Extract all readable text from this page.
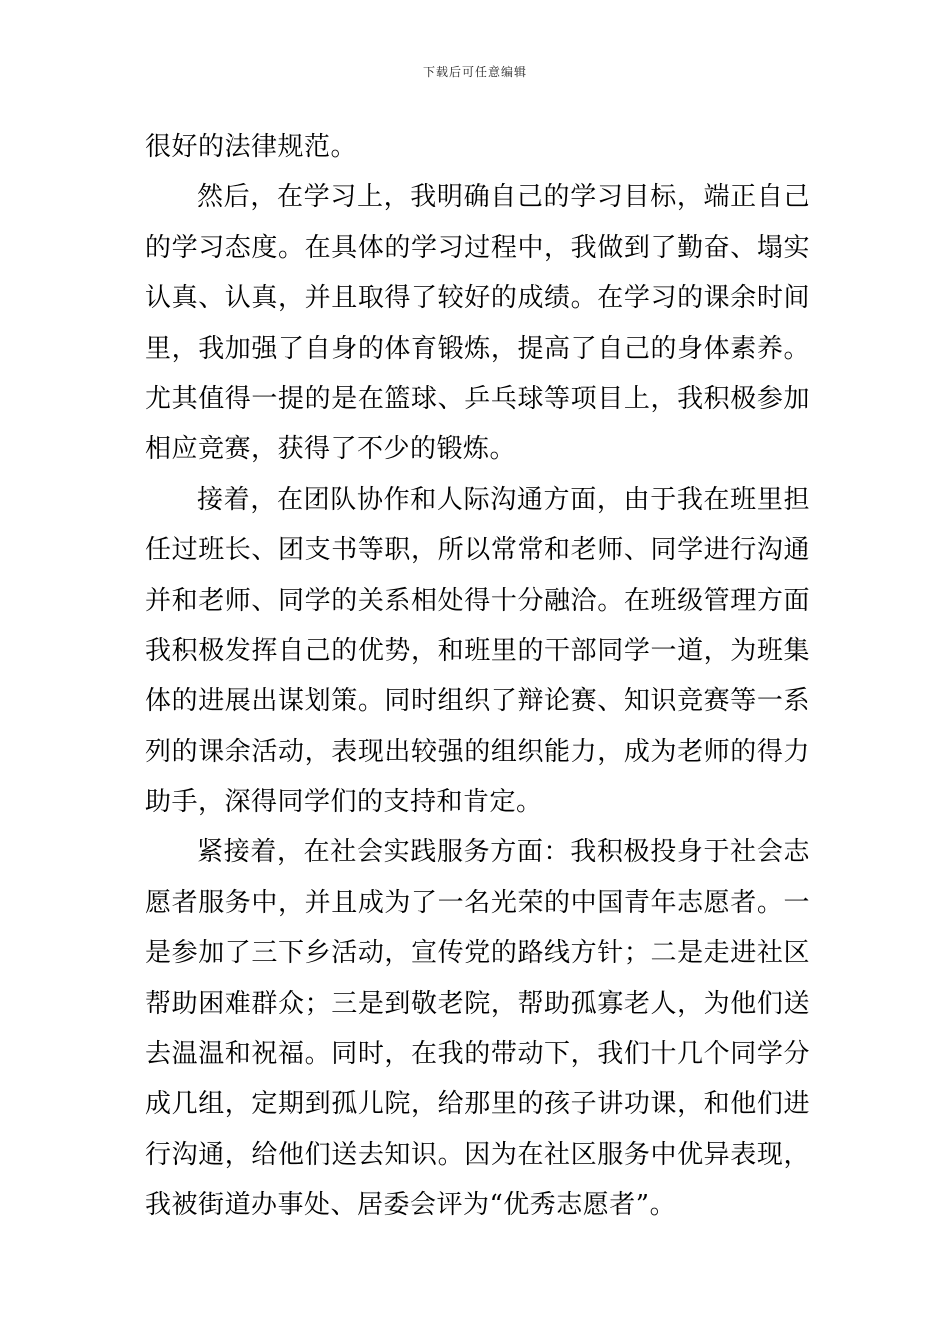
下载后可任意编辑
很好的法律规范。
然后，在学习上，我明确自己的学习目标，端正自己
的学习态度。在具体的学习过程中，我做到了勤奋、塌实
认真、认真，并且取得了较好的成绩。在学习的课余时间
里，我加强了自身的体育锻炼，提高了自己的身体素养。
尤其值得一提的是在篮球、乒乓球等项目上，我积极参加
相应竞赛，获得了不少的锻炼。
接着，在团队协作和人际沟通方面，由于我在班里担
任过班长、团支书等职，所以常常和老师、同学进行沟通
并和老师、同学的关系相处得十分融洽。在班级管理方面
我积极发挥自己的优势，和班里的干部同学一道，为班集
体的进展出谋划策。同时组织了辩论赛、知识竞赛等一系
列的课余活动，表现出较强的组织能力，成为老师的得力
助手，深得同学们的支持和肯定。
紧接着，在社会实践服务方面：我积极投身于社会志
愿者服务中，并且成为了一名光荣的中国青年志愿者。一
是参加了三下乡活动，宣传党的路线方针；二是走进社区
帮助困难群众；三是到敬老院，帮助孤寡老人，为他们送
去温温和祝福。同时，在我的带动下，我们十几个同学分
成几组，定期到孤儿院，给那里的孩子讲功课，和他们进
行沟通，给他们送去知识。因为在社区服务中优异表现，
我被街道办事处、居委会评为“优秀志愿者”。
